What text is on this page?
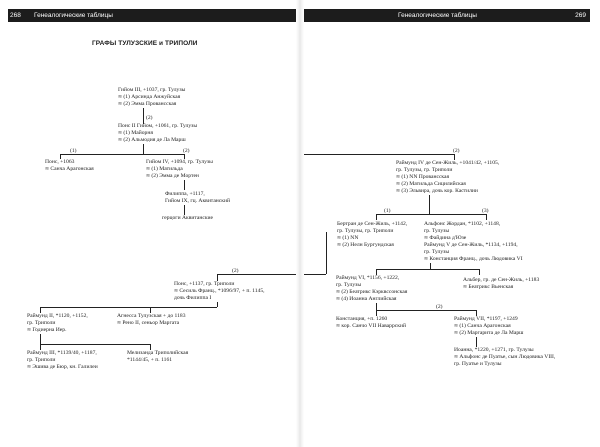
268 Генеалогические таблицы
ГРАФЫ ТУЛУЗСКИЕ и ТРИПОЛИ
Гийом III, +1037, гр. Тулузы
∞ (1) Арсинда Анжуйская
∞ (2) Эмма Провансская
(2)
Понс II Гийом, +1061, гр. Тулузы
∞ (1) Майорня
∞ (2) Альмодия де Ла Марш
(1)	(2)
Понс, +1063
∞ Санча Арагонская
Гийом IV, +1094, гр. Тулузы
∞ (1) Матильда
∞ (2) Эмма де Мортен
Филиппа, +1117,
Гийом IX, гц. Аквитанский
герцоги Аквитанские
(2)
Понс, +1137, гр. Триполи
∞ Сесиль Франц., *1096/97, + п. 1145,
дочь Филиппа I
Раймунд II, *1120, +1152,
гр. Триполи
∞ Годиерна Иер.
Агнесса Тулузская + до 1183
∞ Рено II, сеньор Маргата
Раймунд III, *1139/40, +1187,
гр. Триполи
∞ Эшива де Бюр, кн. Галилеи
Мелизанда Триполийская
*1144/45, + п. 1161
Генеалогические таблицы	269
(2)
Раймунд IV де Сен-Жиль, +1041/42, +1105,
гр. Тулузы, гр. Триполи
∞ (1) NN Провансская
∞ (2) Матильда Сицилийская
∞ (3) Эльвира, дочь кор. Кастилии
(1)	(3)
Бертран де Сен-Жиль, +1142,
гр. Тулузы, гр. Триполи
∞ (1) NN
∞ (2) Нелн Бургундская
Альфонс Жордан, *1102, +1148,
гр. Тулузы
∞ Файдина д'Юзе
Раймунд V де Сен-Жиль, *1134, +1194,
гр. Тулузы
∞ Констанция Франц., дочь Людовика VI
Раймунд VI, *1156, +1222,
гр. Тулузы
∞ (2) Беатрикс Кэрквссонская
∞ (4) Иоанна Английская
Альбер, гр. де Сен-Жиль, +1183
∞ Беатрикс Вьенская
(2)
Констанция, +п. 1260
∞ кор. Санчо VII Наваррский
Раймунд VII, *1197, +1249
∞ (1) Санча Арагонская
∞ (2) Маргарита де Ла Марш
Иоанна, *1220, +1271, гр. Тулузы
∞ Альфонс де Пуатье, сын Людовика VIII,
гр. Пуатье и Тулузы
